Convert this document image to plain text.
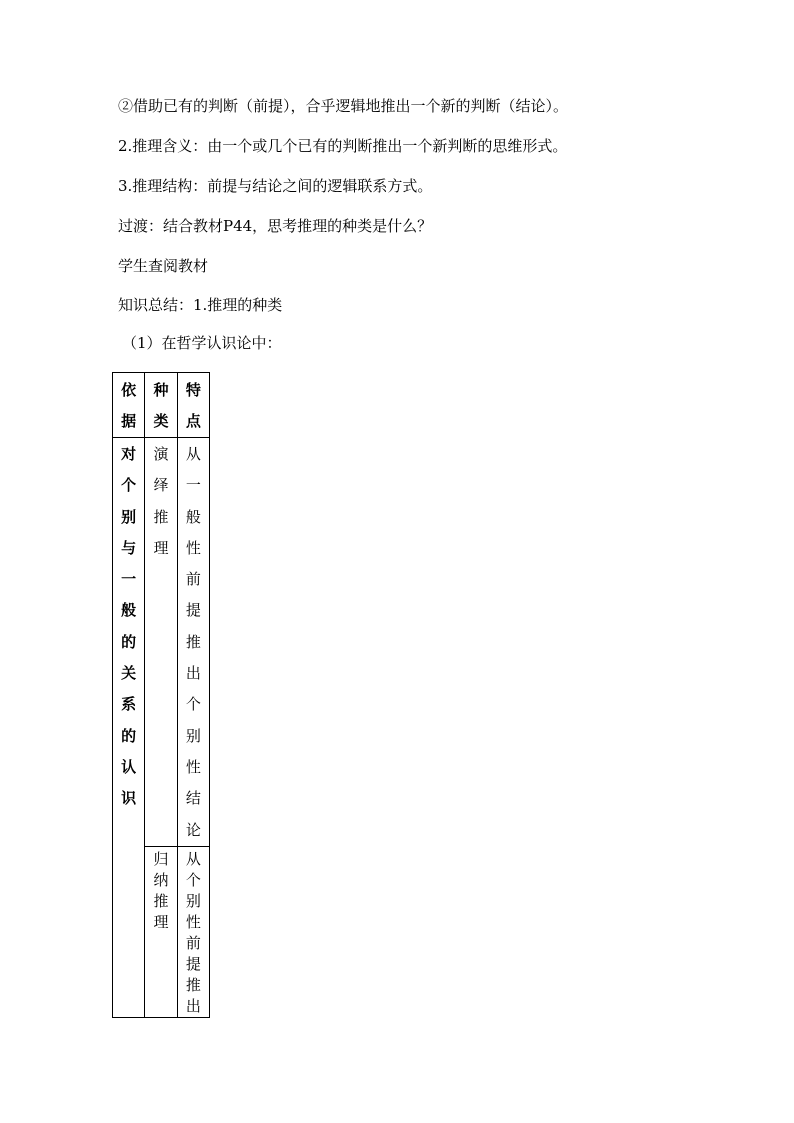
②借助已有的判断（前提），合乎逻辑地推出一个新的判断（结论）。
2.推理含义：由一个或几个已有的判断推出一个新判断的思维形式。
3.推理结构：前提与结论之间的逻辑联系方式。
过渡：结合教材P44，思考推理的种类是什么？
学生查阅教材
知识总结：1.推理的种类
（1）在哲学认识论中：
依据	种类	特点

对个别与一般的关系的认识	演绎推理	从一般性前提推出个别性结论

	归纳推理	从个别性前提推出
